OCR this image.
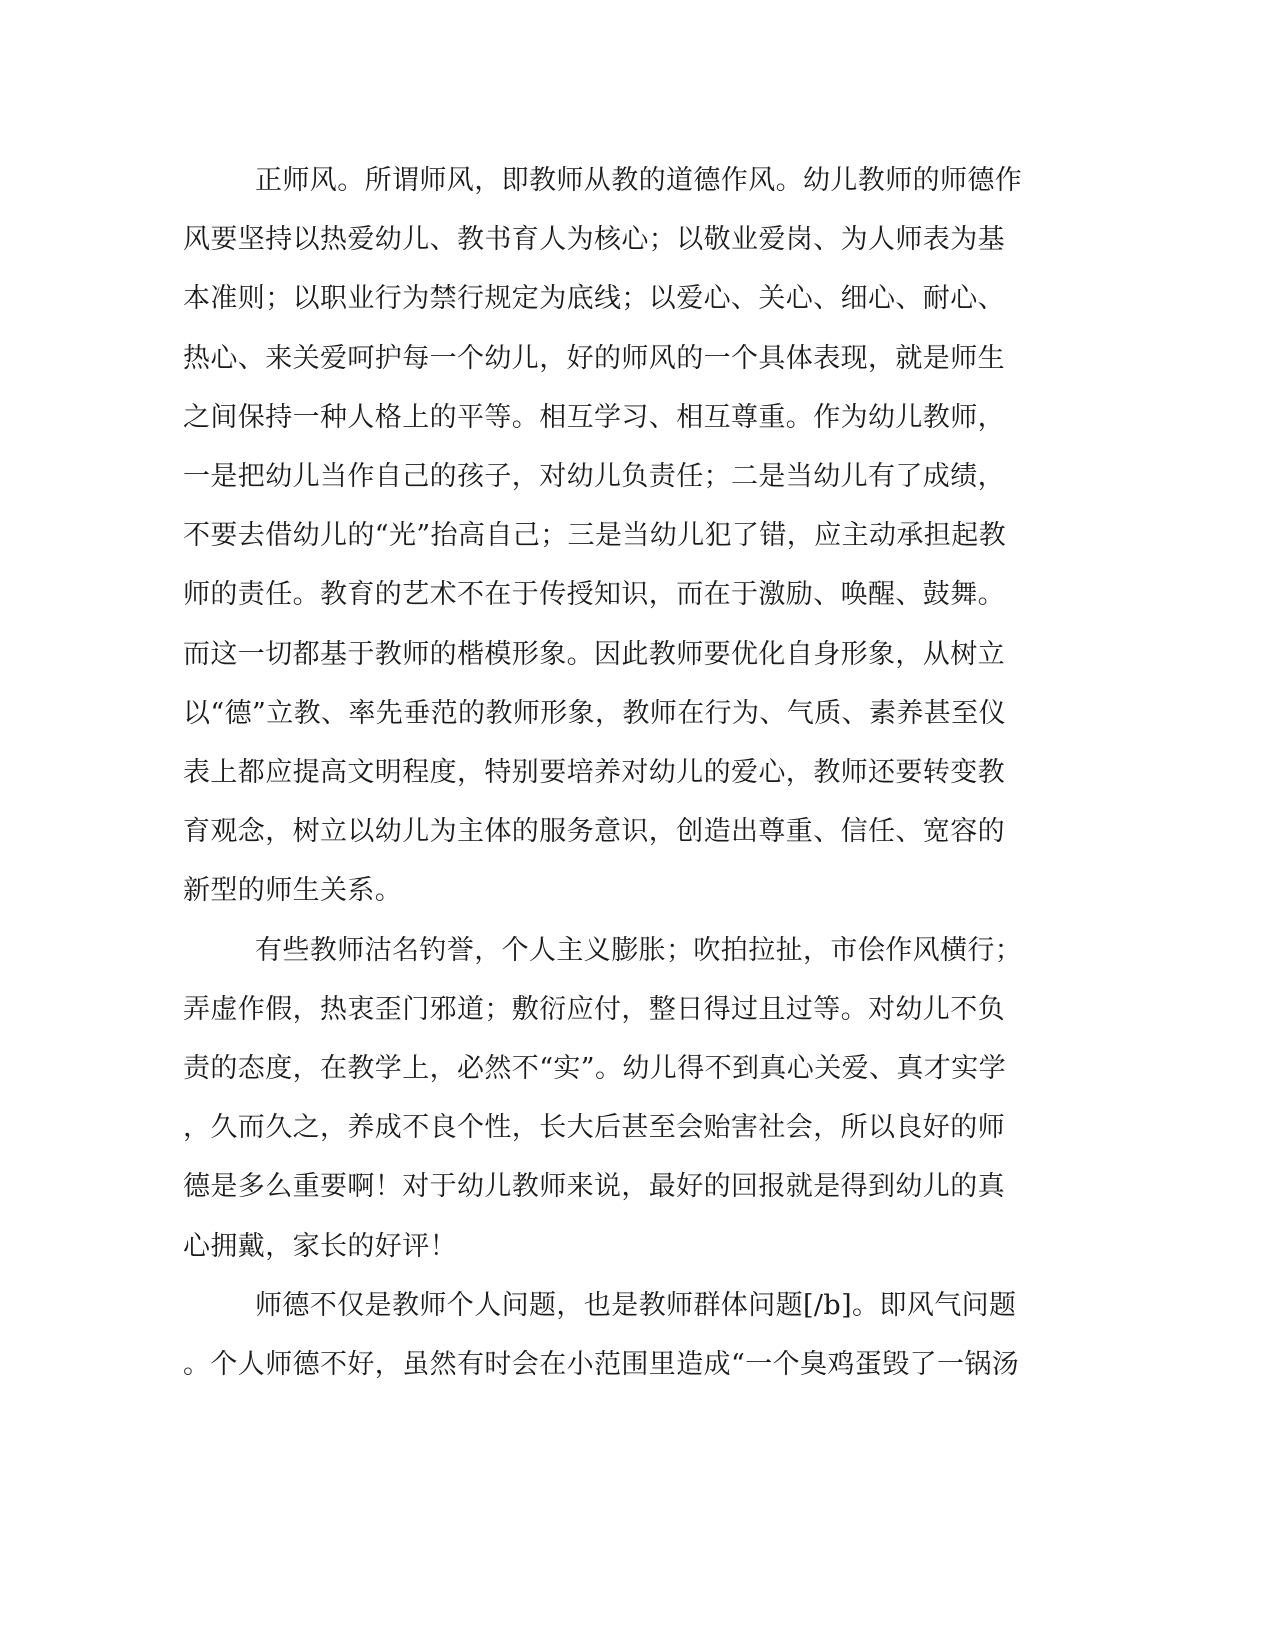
正师风。所谓师风，即教师从教的道德作风。幼儿教师的师德作
风要坚持以热爱幼儿、教书育人为核心；以敬业爱岗、为人师表为基
本准则；以职业行为禁行规定为底线；以爱心、关心、细心、耐心、
热心、来关爱呵护每一个幼儿，好的师风的一个具体表现，就是师生
之间保持一种人格上的平等。相互学习、相互尊重。作为幼儿教师，
一是把幼儿当作自己的孩子，对幼儿负责任；二是当幼儿有了成绩，
不要去借幼儿的“光”抬高自己；三是当幼儿犯了错，应主动承担起教
师的责任。教育的艺术不在于传授知识，而在于激励、唤醒、鼓舞。
而这一切都基于教师的楷模形象。因此教师要优化自身形象，从树立
以“德”立教、率先垂范的教师形象，教师在行为、气质、素养甚至仪
表上都应提高文明程度，特别要培养对幼儿的爱心，教师还要转变教
育观念，树立以幼儿为主体的服务意识，创造出尊重、信任、宽容的
新型的师生关系。
有些教师沽名钓誉，个人主义膨胀；吹拍拉扯，市侩作风横行；
弄虚作假，热衷歪门邪道；敷衍应付，整日得过且过等。对幼儿不负
责的态度，在教学上，必然不“实”。幼儿得不到真心关爱、真才实学
，久而久之，养成不良个性，长大后甚至会贻害社会，所以良好的师
德是多么重要啊！对于幼儿教师来说，最好的回报就是得到幼儿的真
心拥戴，家长的好评！
师德不仅是教师个人问题，也是教师群体问题[/b]。即风气问题
。个人师德不好，虽然有时会在小范围里造成“一个臭鸡蛋毁了一锅汤
